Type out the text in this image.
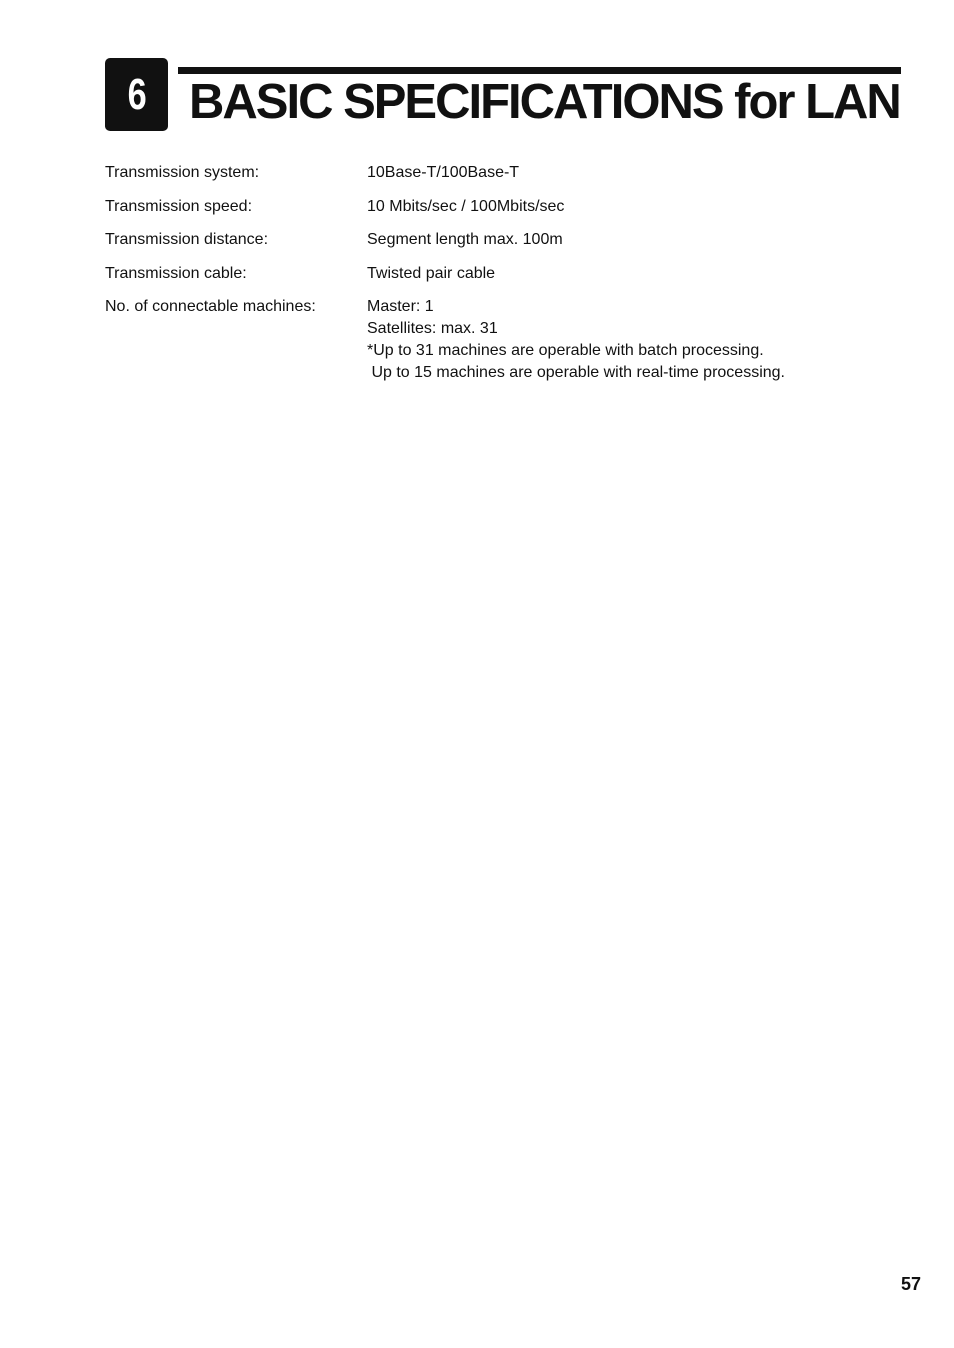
6 BASIC SPECIFICATIONS for LAN
Transmission system:	10Base-T/100Base-T
Transmission speed:	10 Mbits/sec / 100Mbits/sec
Transmission distance:	Segment length max. 100m
Transmission cable:	Twisted pair cable
No. of connectable machines:	Master: 1
Satellites: max. 31
*Up to 31 machines are operable with batch processing.
Up to 15 machines are operable with real-time processing.
57
